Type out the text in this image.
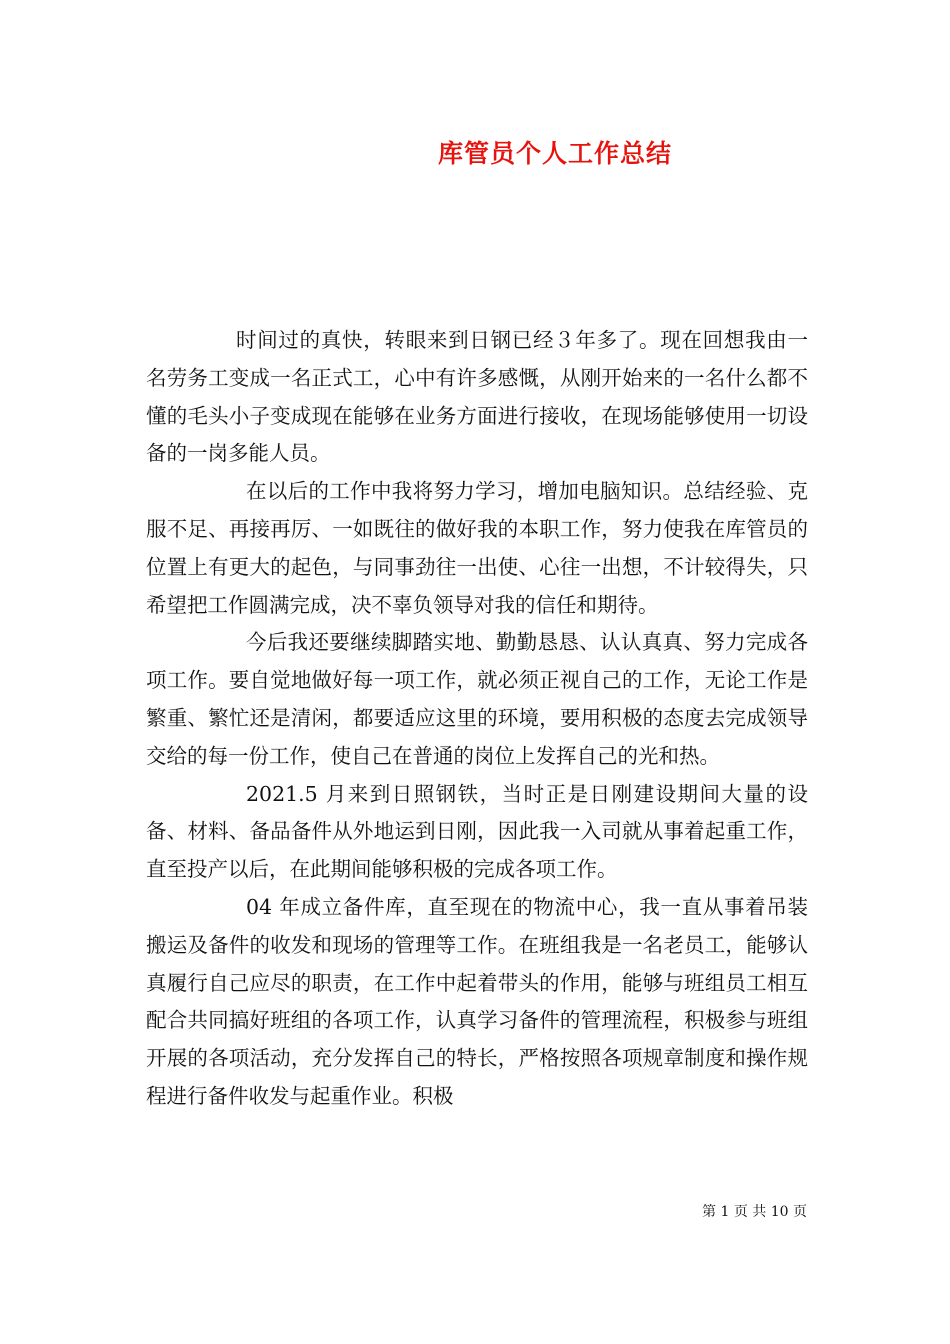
库管员个人工作总结

时间过的真快，转眼来到日钢已经３年多了。现在回想我由一名劳务工变成一名正式工，心中有许多感慨，从刚开始来的一名什么都不懂的毛头小子变成现在能够在业务方面进行接收，在现场能够使用一切设备的一岗多能人员。

在以后的工作中我将努力学习，增加电脑知识。总结经验、克服不足、再接再厉、一如既往的做好我的本职工作，努力使我在库管员的位置上有更大的起色，与同事劲往一出使、心往一出想，不计较得失，只希望把工作圆满完成，决不辜负领导对我的信任和期待。

今后我还要继续脚踏实地、勤勤恳恳、认认真真、努力完成各项工作。要自觉地做好每一项工作，就必须正视自己的工作，无论工作是繁重、繁忙还是清闲，都要适应这里的环境，要用积极的态度去完成领导交给的每一份工作，使自己在普通的岗位上发挥自己的光和热。

2021.5 月来到日照钢铁，当时正是日刚建设期间大量的设备、材料、备品备件从外地运到日刚，因此我一入司就从事着起重工作，直至投产以后，在此期间能够积极的完成各项工作。

04 年成立备件库，直至现在的物流中心，我一直从事着吊装搬运及备件的收发和现场的管理等工作。在班组我是一名老员工，能够认真履行自己应尽的职责，在工作中起着带头的作用，能够与班组员工相互配合共同搞好班组的各项工作，认真学习备件的管理流程，积极参与班组开展的各项活动，充分发挥自己的特长，严格按照各项规章制度和操作规程进行备件收发与起重作业。积极

第 1 页 共 10 页
